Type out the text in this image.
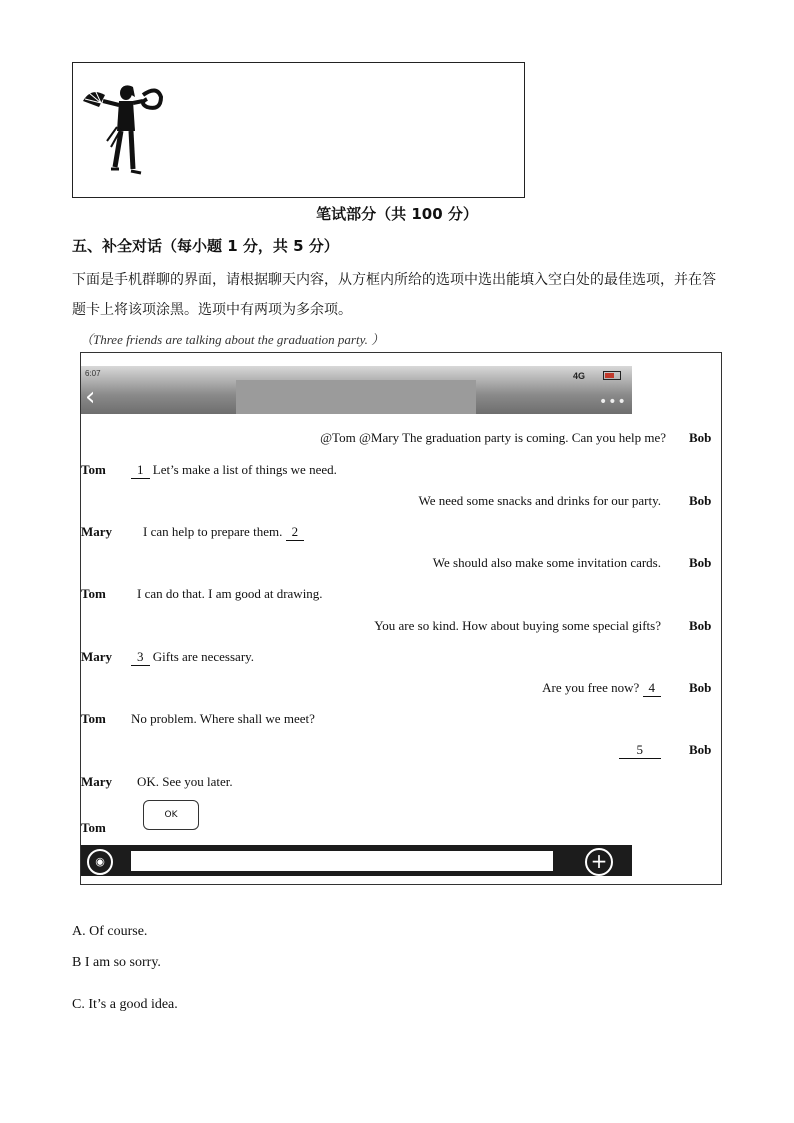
笔试部分（共 100 分）
五、补全对话（每小题 1 分，共 5 分）
下面是手机群聊的界面，请根据聊天内容，从方框内所给的选项中选出能填入空白处的最佳选项，并在答题卡上将该项涂黑。选项中有两项为多余项。
（Three friends are talking about the graduation party. ）
6:07	4G
‹	•••
@Tom @Mary The graduation party is coming. Can you help me? Bob
Tom	1 Let’s make a list of things we need.
We need some snacks and drinks for our party. Bob
Mary I can help to prepare them. 2
We should also make some invitation cards. Bob
Tom I can do that. I am good at drawing.
You are so kind. How about buying some special gifts? Bob
Mary	3 Gifts are necessary.
Are you free now? 4	Bob
Tom No problem. Where shall we meet?
5	Bob
Mary OK. See you later.
OK
Tom
◉	+
A. Of course.
B I am so sorry.
C. It’s a good idea.
